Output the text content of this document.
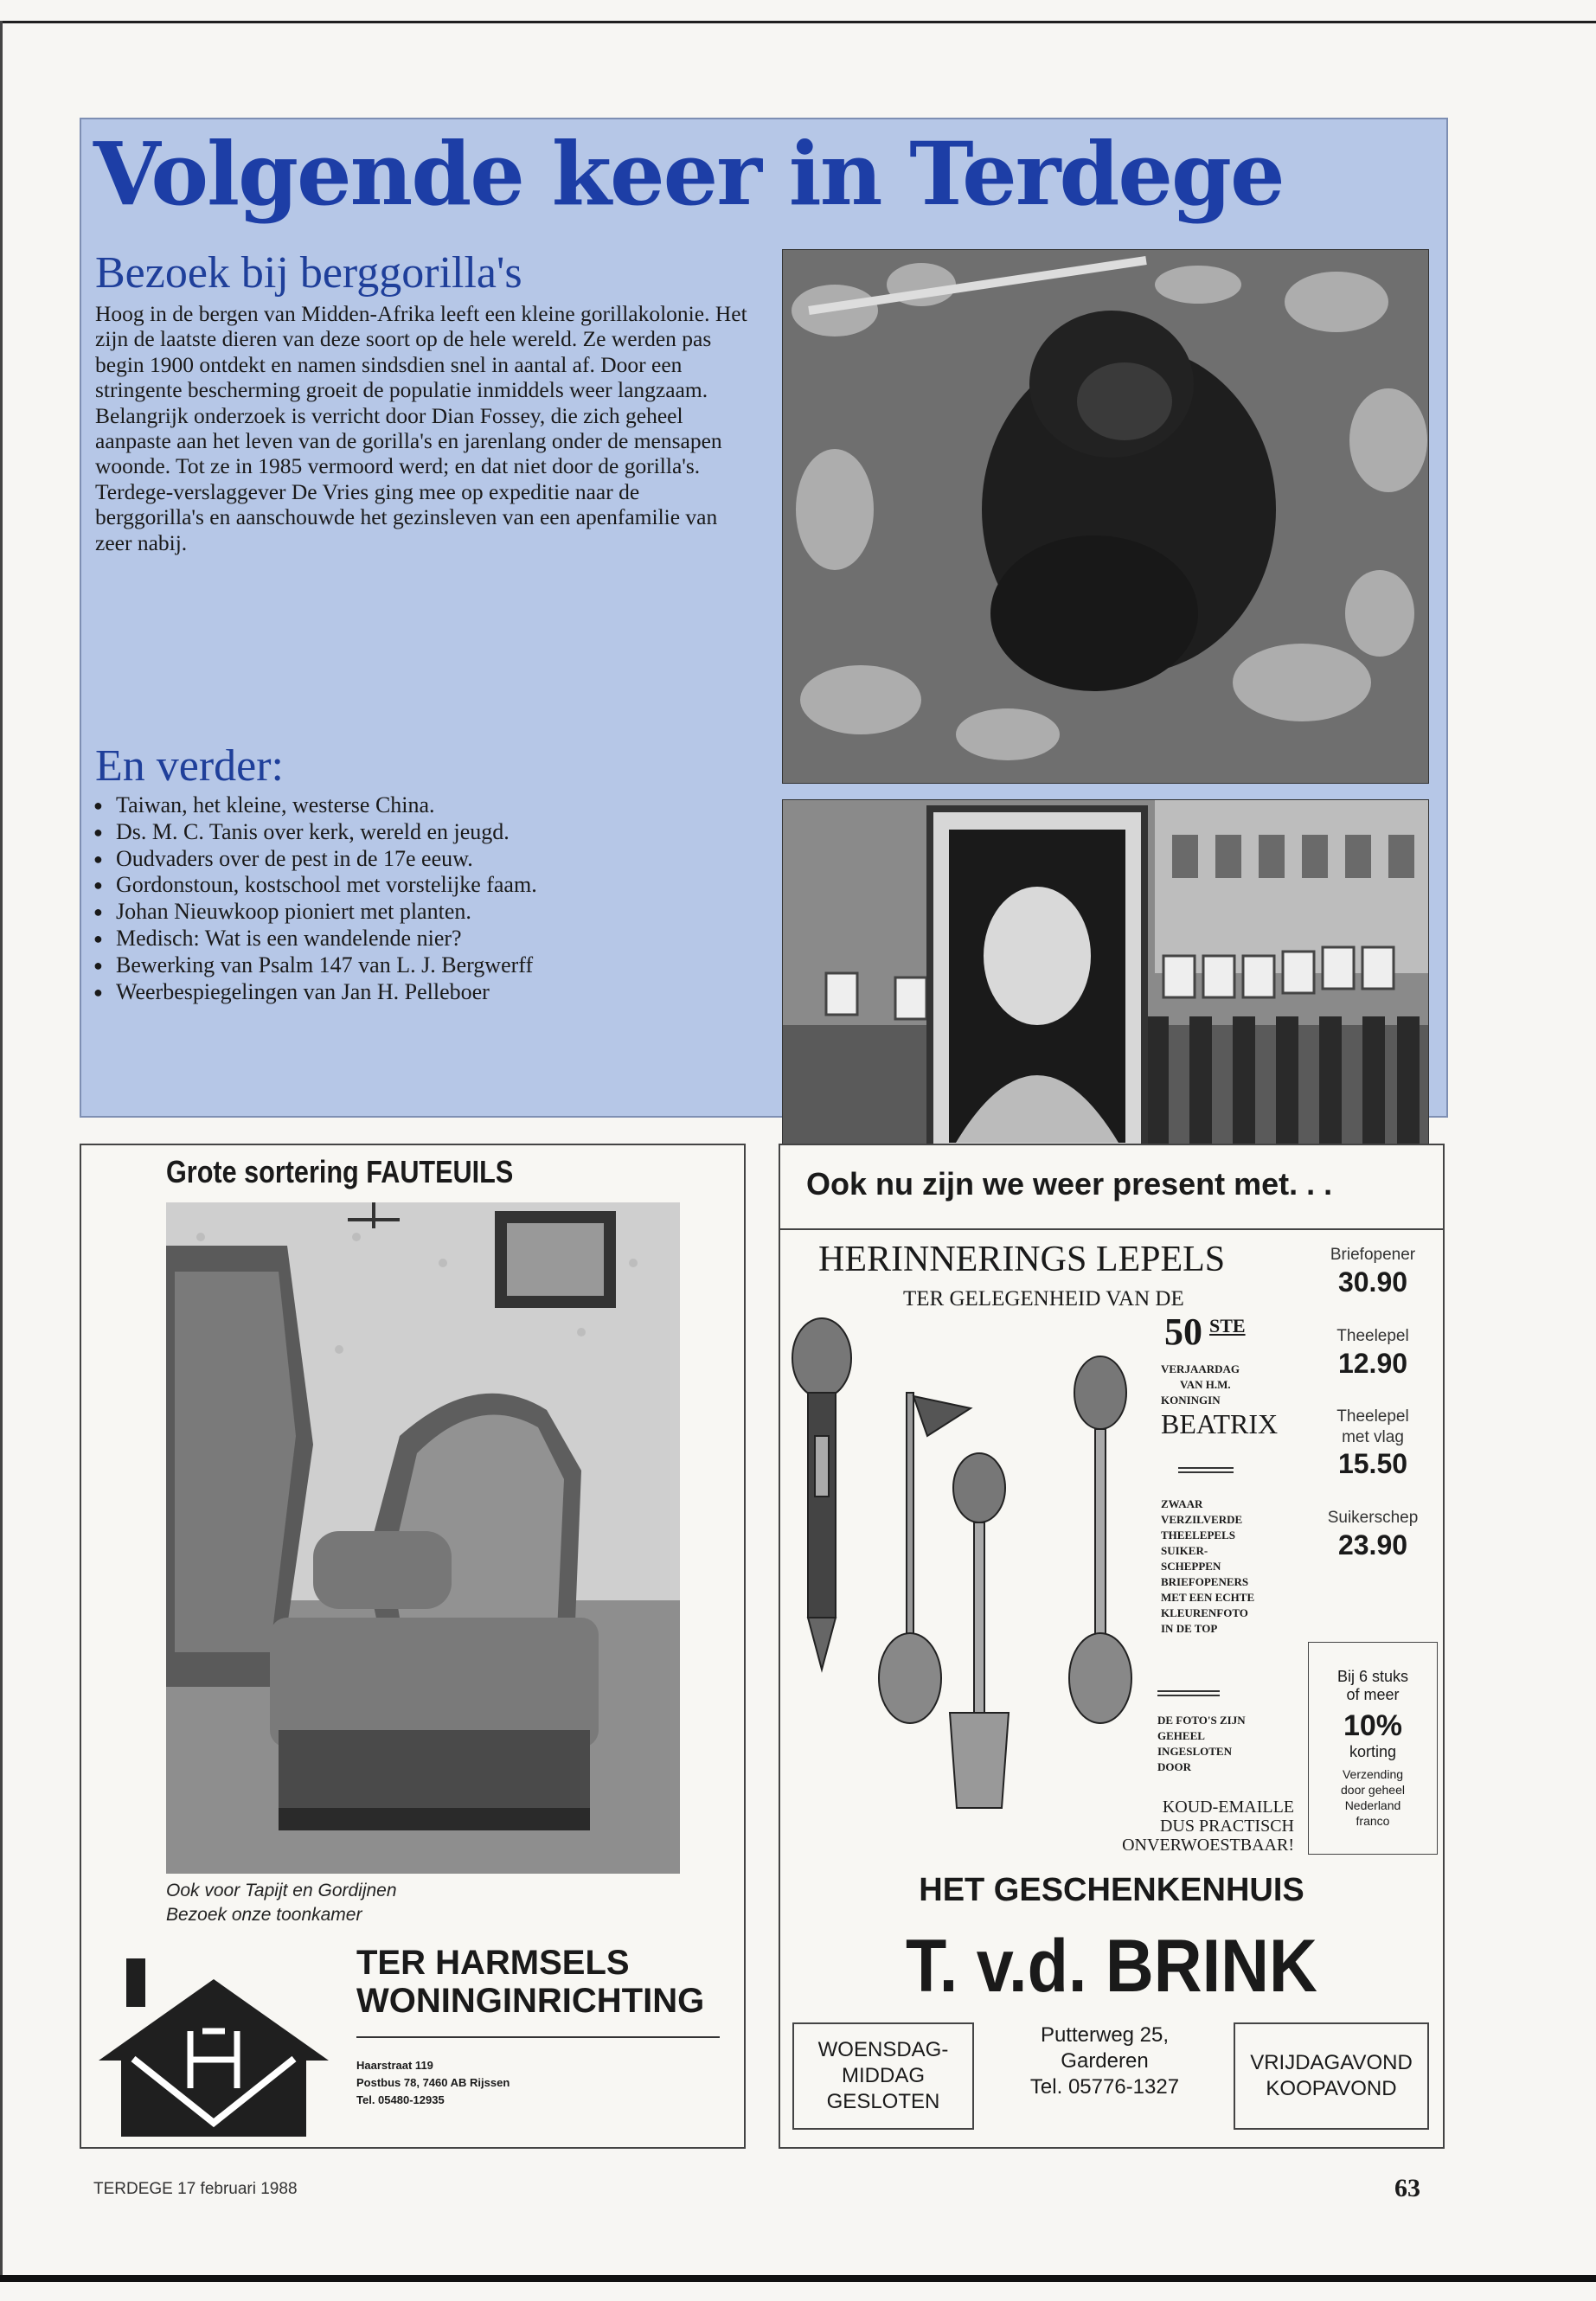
Volgende keer in Terdege
Bezoek bij berggorilla's
Hoog in de bergen van Midden-Afrika leeft een kleine gorillakolonie. Het zijn de laatste dieren van deze soort op de hele wereld. Ze werden pas begin 1900 ontdekt en namen sindsdien snel in aantal af. Door een stringente bescherming groeit de populatie inmiddels weer langzaam. Belangrijk onderzoek is verricht door Dian Fossey, die zich geheel aanpaste aan het leven van de gorilla's en jarenlang onder de mensapen woonde. Tot ze in 1985 vermoord werd; en dat niet door de gorilla's. Terdege-verslaggever De Vries ging mee op expeditie naar de berggorilla's en aanschouwde het gezinsleven van een apenfamilie van zeer nabij.
En verder:
● Taiwan, het kleine, westerse China.
● Ds. M. C. Tanis over kerk, wereld en jeugd.
● Oudvaders over de pest in de 17e eeuw.
● Gordonstoun, kostschool met vorstelijke faam.
● Johan Nieuwkoop pioniert met planten.
● Medisch: Wat is een wandelende nier?
● Bewerking van Psalm 147 van L. J. Bergwerff
● Weerbespiegelingen van Jan H. Pelleboer
Grote sortering FAUTEUILS
Ook voor Tapijt en Gordijnen
Bezoek onze toonkamer
TER HARMSELS
WONINGINRICHTING
Haarstraat 119
Postbus 78, 7460 AB Rijssen
Tel. 05480-12935
Ook nu zijn we weer present met. . .
HERINNERINGS LEPELS
TER GELEGENHEID VAN DE
50 STE
VERJAARDAG
VAN H.M.
KONINGIN
BEATRIX
ZWAAR
VERZILVERDE
THEELEPELS
SUIKER-
SCHEPPEN
BRIEFOPENERS
MET EEN ECHTE
KLEURENFOTO
IN DE TOP
DE FOTO'S ZIJN
GEHEEL
INGESLOTEN
DOOR
KOUD-EMAILLE
DUS PRACTISCH
ONVERWOESTBAAR!
Briefopener
30.90
Theelepel
12.90
Theelepel met vlag
15.50
Suikerschep
23.90
Bij 6 stuks
of meer
10%
korting
Verzending
door geheel
Nederland
franco
HET GESCHENKENHUIS
T. v.d. BRINK
WOENSDAG-
MIDDAG
GESLOTEN
Putterweg 25,
Garderen
Tel. 05776-1327
VRIJDAGAVOND
KOOPAVOND
TERDEGE 17 februari 1988	63
